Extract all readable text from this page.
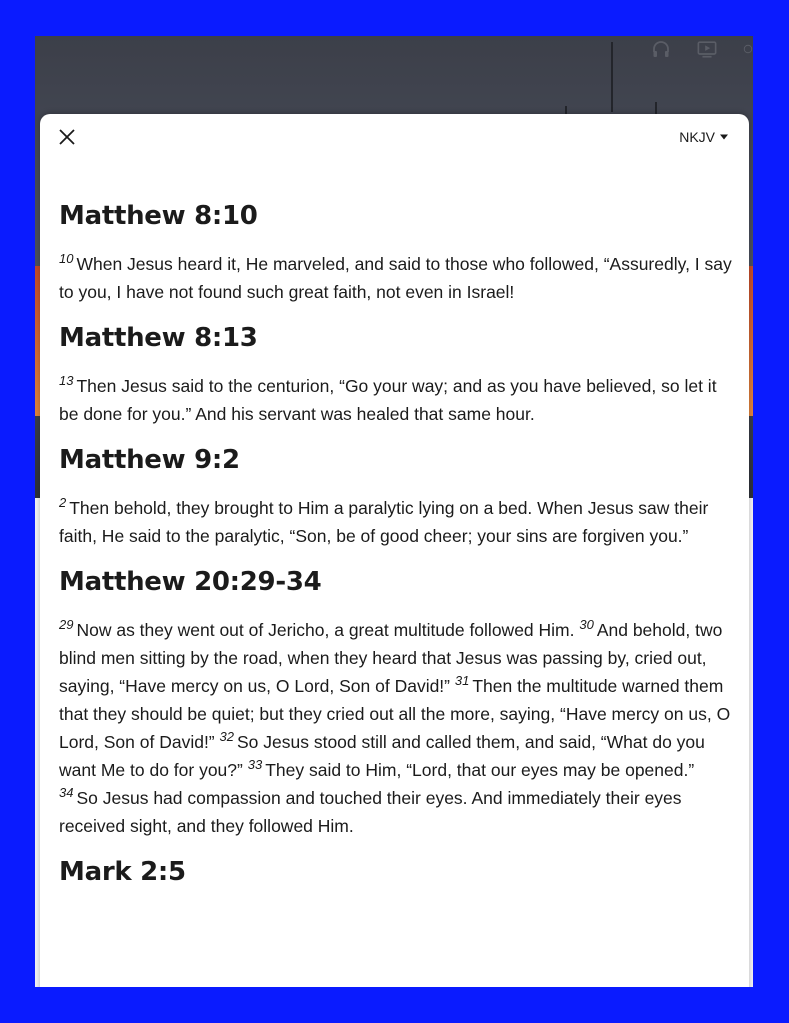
NKJV
Matthew 8:10

$^{10}$ When Jesus heard it, He marveled, and said to those who followed, “Assuredly, I say to you, I have not found such great faith, not even in Israel!

Matthew 8:13

$^{13}$ Then Jesus said to the centurion, “Go your way; and as you have believed, so let it be done for you.” And his servant was healed that same hour.

Matthew 9:2

$^2$ Then behold, they brought to Him a paralytic lying on a bed. When Jesus saw their faith, He said to the paralytic, “Son, be of good cheer; your sins are forgiven you.”

Matthew 20:29-34

$^{29}$ Now as they went out of Jericho, a great multitude followed Him. $^{30}$ And behold, two blind men sitting by the road, when they heard that Jesus was passing by, cried out, saying, “Have mercy on us, O Lord, Son of David!” $^{31}$ Then the multitude warned them that they should be quiet; but they cried out all the more, saying, “Have mercy on us, O Lord, Son of David!” $^{32}$ So Jesus stood still and called them, and said, “What do you want Me to do for you?” $^{33}$ They said to Him, “Lord, that our eyes may be opened.” $^{34}$ So Jesus had compassion and touched their eyes. And immediately their eyes received sight, and they followed Him.

Mark 2:5
